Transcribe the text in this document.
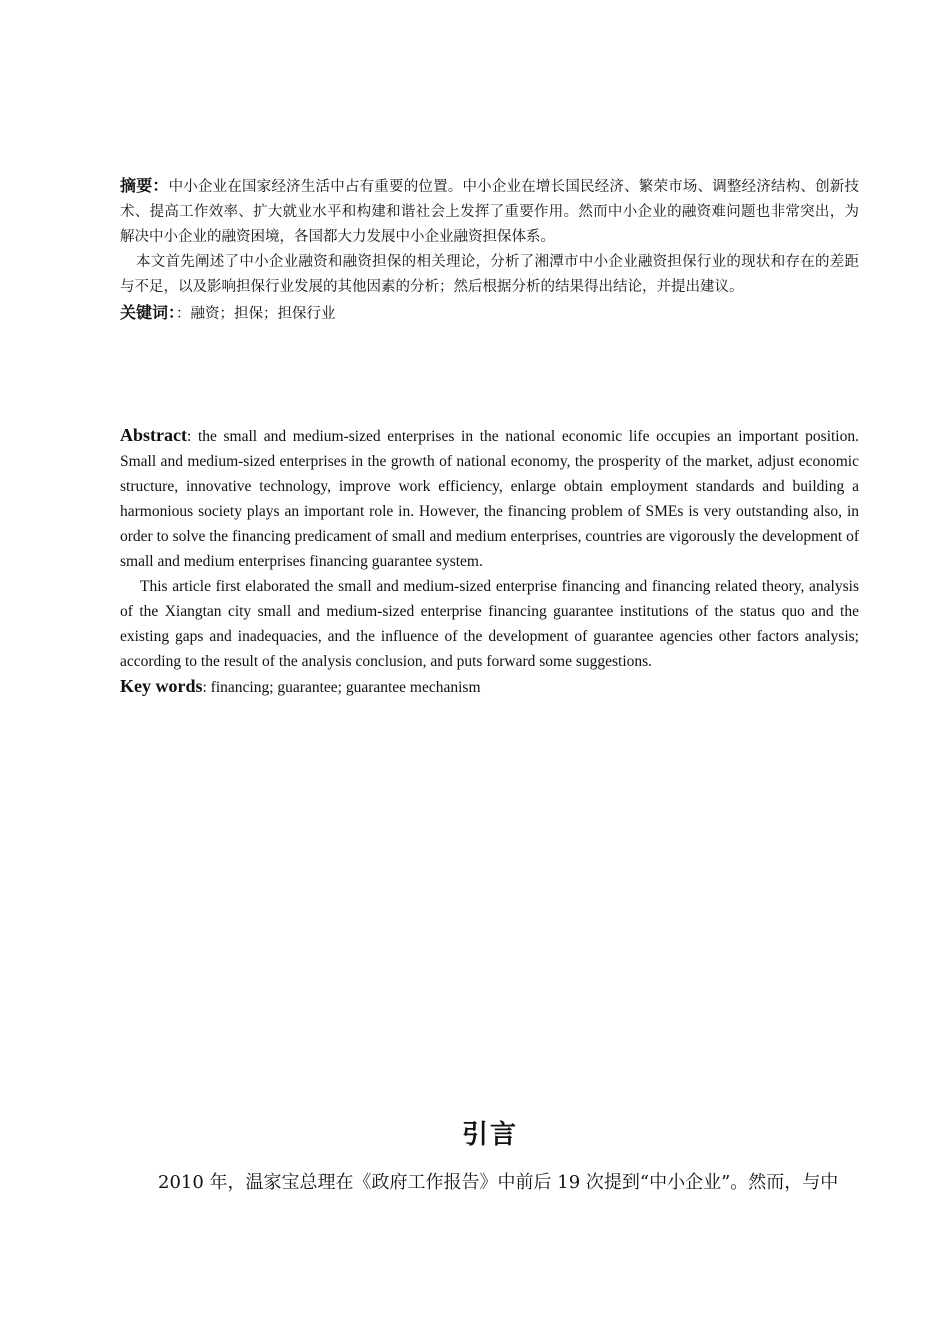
摘要：中小企业在国家经济生活中占有重要的位置。中小企业在增长国民经济、繁荣市场、调整经济结构、创新技术、提高工作效率、扩大就业水平和构建和谐社会上发挥了重要作用。然而中小企业的融资难问题也非常突出，为解决中小企业的融资困境，各国都大力发展中小企业融资担保体系。

本文首先阐述了中小企业融资和融资担保的相关理论，分析了湘潭市中小企业融资担保行业的现状和存在的差距与不足，以及影响担保行业发展的其他因素的分析；然后根据分析的结果得出结论，并提出建议。

关键词：：融资；担保；担保行业

Abstract: the small and medium-sized enterprises in the national economic life occupies an important position. Small and medium-sized enterprises in the growth of national economy, the prosperity of the market, adjust economic structure, innovative technology, improve work efficiency, enlarge obtain employment standards and building a harmonious society plays an important role in. However, the financing problem of SMEs is very outstanding also, in order to solve the financing predicament of small and medium enterprises, countries are vigorously the development of small and medium enterprises financing guarantee system.

This article first elaborated the small and medium-sized enterprise financing and financing related theory, analysis of the Xiangtan city small and medium-sized enterprise financing guarantee institutions of the status quo and the existing gaps and inadequacies, and the influence of the development of guarantee agencies other factors analysis; according to the result of the analysis conclusion, and puts forward some suggestions.

Key words: financing; guarantee; guarantee mechanism

引言
2010 年，温家宝总理在《政府工作报告》中前后 19 次提到“中小企业”。然而，与中
